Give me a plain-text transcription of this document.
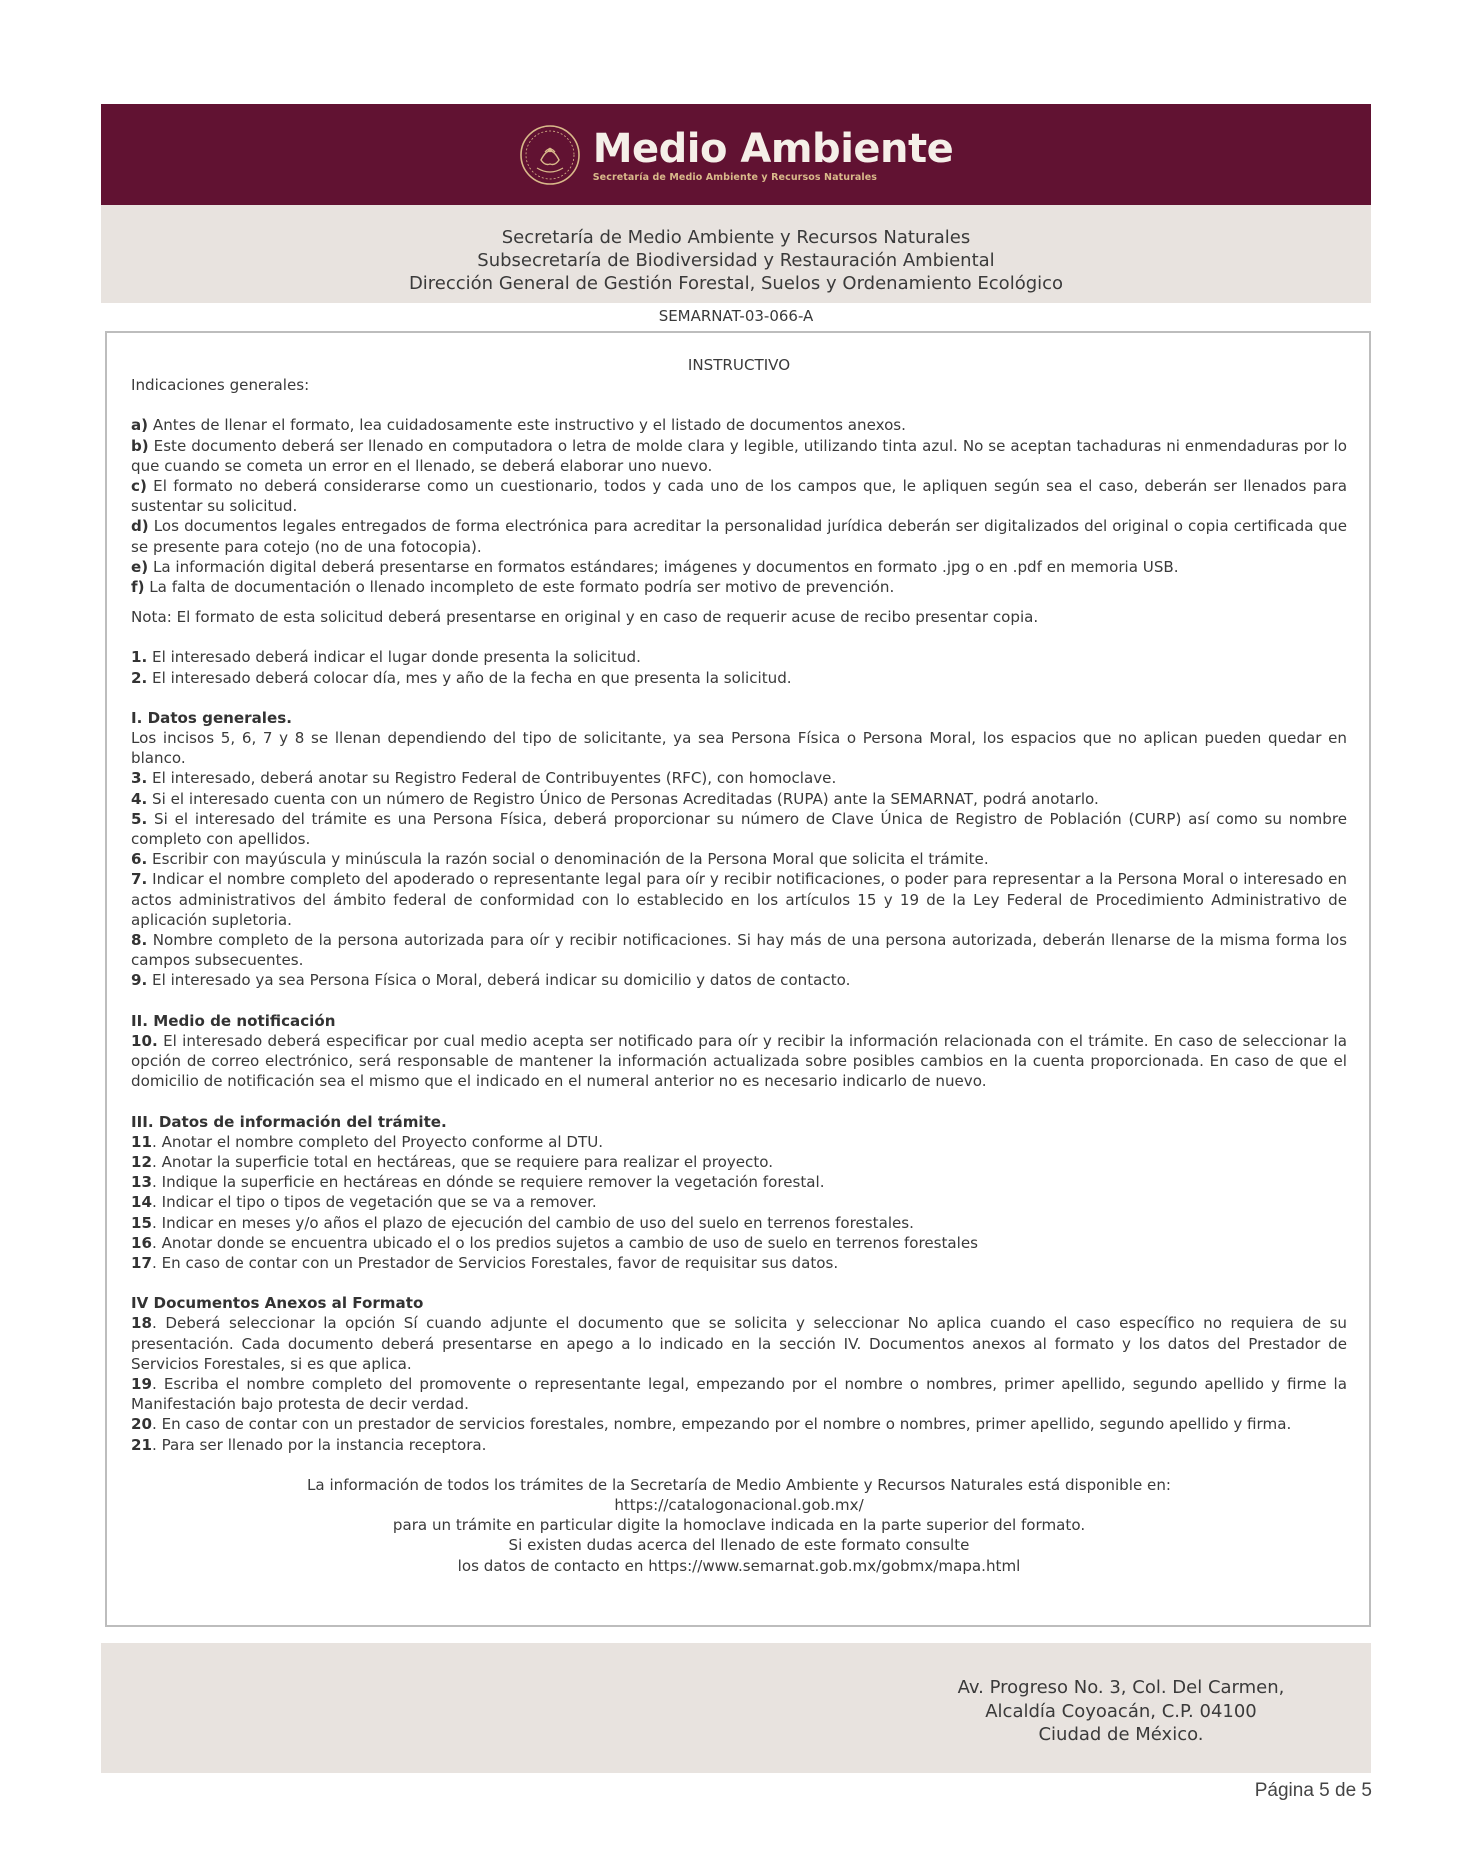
Medio Ambiente
Secretaría de Medio Ambiente y Recursos Naturales
Secretaría de Medio Ambiente y Recursos Naturales
Subsecretaría de Biodiversidad y Restauración Ambiental
Dirección General de Gestión Forestal, Suelos y Ordenamiento Ecológico
SEMARNAT-03-066-A
INSTRUCTIVO

Indicaciones generales:

a) Antes de llenar el formato, lea cuidadosamente este instructivo y el listado de documentos anexos.

b) Este documento deberá ser llenado en computadora o letra de molde clara y legible, utilizando tinta azul. No se aceptan tachaduras ni enmendaduras por lo que cuando se cometa un error en el llenado, se deberá elaborar uno nuevo.

c) El formato no deberá considerarse como un cuestionario, todos y cada uno de los campos que, le apliquen según sea el caso, deberán ser llenados para sustentar su solicitud.

d) Los documentos legales entregados de forma electrónica para acreditar la personalidad jurídica deberán ser digitalizados del original o copia certificada que se presente para cotejo (no de una fotocopia).

e) La información digital deberá presentarse en formatos estándares; imágenes y documentos en formato .jpg o en .pdf en memoria USB.

f) La falta de documentación o llenado incompleto de este formato podría ser motivo de prevención.

Nota: El formato de esta solicitud deberá presentarse en original y en caso de requerir acuse de recibo presentar copia.

1. El interesado deberá indicar el lugar donde presenta la solicitud.

2. El interesado deberá colocar día, mes y año de la fecha en que presenta la solicitud.

I. Datos generales.

Los incisos 5, 6, 7 y 8 se llenan dependiendo del tipo de solicitante, ya sea Persona Física o Persona Moral, los espacios que no aplican pueden quedar en blanco.

3. El interesado, deberá anotar su Registro Federal de Contribuyentes (RFC), con homoclave.

4. Si el interesado cuenta con un número de Registro Único de Personas Acreditadas (RUPA) ante la SEMARNAT, podrá anotarlo.

5. Si el interesado del trámite es una Persona Física, deberá proporcionar su número de Clave Única de Registro de Población (CURP) así como su nombre completo con apellidos.

6. Escribir con mayúscula y minúscula la razón social o denominación de la Persona Moral que solicita el trámite.

7. Indicar el nombre completo del apoderado o representante legal para oír y recibir notificaciones, o poder para representar a la Persona Moral o interesado en actos administrativos del ámbito federal de conformidad con lo establecido en los artículos 15 y 19 de la Ley Federal de Procedimiento Administrativo de aplicación supletoria.

8. Nombre completo de la persona autorizada para oír y recibir notificaciones. Si hay más de una persona autorizada, deberán llenarse de la misma forma los campos subsecuentes.

9. El interesado ya sea Persona Física o Moral, deberá indicar su domicilio y datos de contacto.

II. Medio de notificación

10. El interesado deberá especificar por cual medio acepta ser notificado para oír y recibir la información relacionada con el trámite. En caso de seleccionar la opción de correo electrónico, será responsable de mantener la información actualizada sobre posibles cambios en la cuenta proporcionada. En caso de que el domicilio de notificación sea el mismo que el indicado en el numeral anterior no es necesario indicarlo de nuevo.

III. Datos de información del trámite.

11. Anotar el nombre completo del Proyecto conforme al DTU.

12. Anotar la superficie total en hectáreas, que se requiere para realizar el proyecto.

13. Indique la superficie en hectáreas en dónde se requiere remover la vegetación forestal.

14. Indicar el tipo o tipos de vegetación que se va a remover.

15. Indicar en meses y/o años el plazo de ejecución del cambio de uso del suelo en terrenos forestales.

16. Anotar donde se encuentra ubicado el o los predios sujetos a cambio de uso de suelo en terrenos forestales

17. En caso de contar con un Prestador de Servicios Forestales, favor de requisitar sus datos.

IV Documentos Anexos al Formato

18. Deberá seleccionar la opción Sí cuando adjunte el documento que se solicita y seleccionar No aplica cuando el caso específico no requiera de su presentación. Cada documento deberá presentarse en apego a lo indicado en la sección IV. Documentos anexos al formato y los datos del Prestador de Servicios Forestales, si es que aplica.

19. Escriba el nombre completo del promovente o representante legal, empezando por el nombre o nombres, primer apellido, segundo apellido y firme la Manifestación bajo protesta de decir verdad.

20. En caso de contar con un prestador de servicios forestales, nombre, empezando por el nombre o nombres, primer apellido, segundo apellido y firma.

21. Para ser llenado por la instancia receptora.

La información de todos los trámites de la Secretaría de Medio Ambiente y Recursos Naturales está disponible en:

https://catalogonacional.gob.mx/

para un trámite en particular digite la homoclave indicada en la parte superior del formato.

Si existen dudas acerca del llenado de este formato consulte

los datos de contacto en https://www.semarnat.gob.mx/gobmx/mapa.html

Av. Progreso No. 3, Col. Del Carmen,
Alcaldía Coyoacán, C.P. 04100
Ciudad de México.
Página 5 de 5
